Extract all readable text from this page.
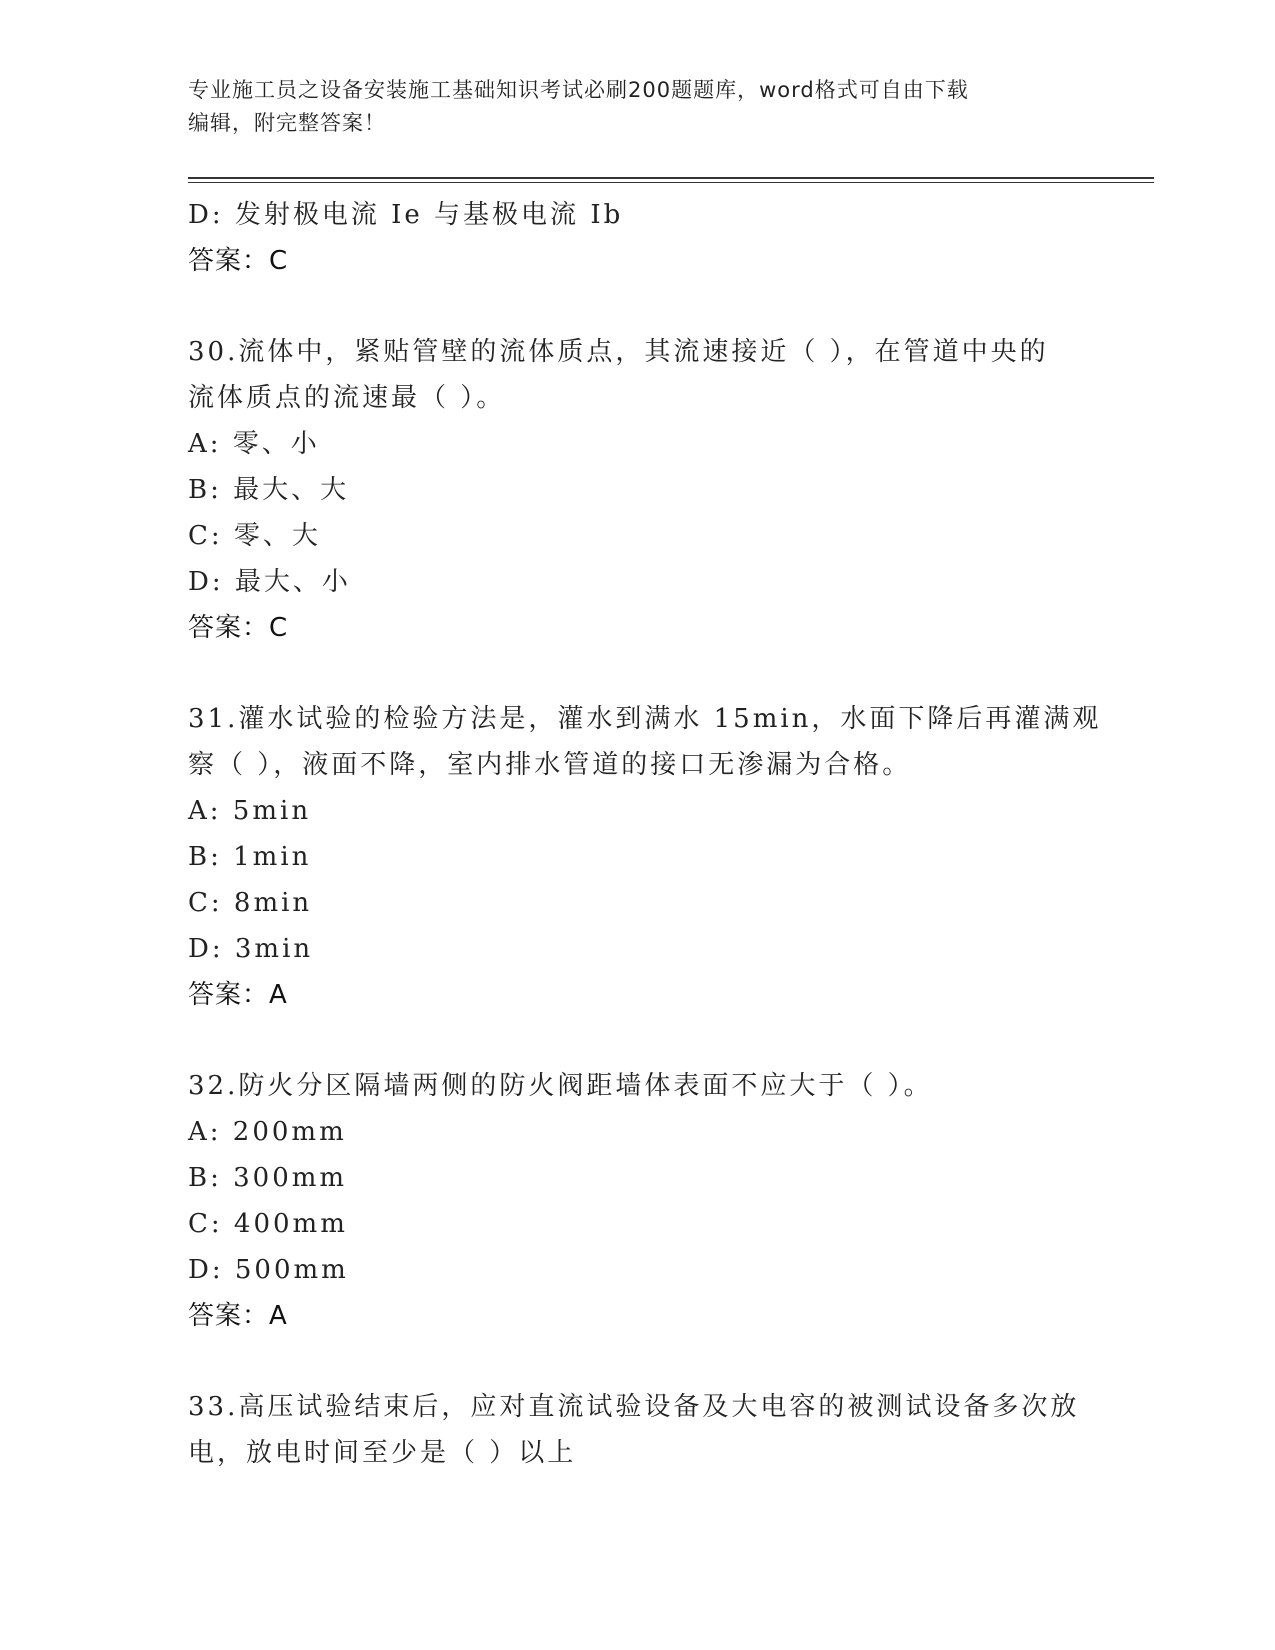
专业施工员之设备安装施工基础知识考试必刷200题题库，word格式可自由下载
编辑，附完整答案！
D: 发射极电流 Ie 与基极电流 Ib
答案：C
30.流体中，紧贴管壁的流体质点，其流速接近（ ），在管道中央的
流体质点的流速最（ ）。
A: 零、小
B: 最大、大
C: 零、大
D: 最大、小
答案：C
31.灌水试验的检验方法是，灌水到满水 15min，水面下降后再灌满观
察（ ），液面不降，室内排水管道的接口无渗漏为合格。
A: 5min
B: 1min
C: 8min
D: 3min
答案：A
32.防火分区隔墙两侧的防火阀距墙体表面不应大于（ ）。
A: 200mm
B: 300mm
C: 400mm
D: 500mm
答案：A
33.高压试验结束后，应对直流试验设备及大电容的被测试设备多次放
电，放电时间至少是（ ）以上
